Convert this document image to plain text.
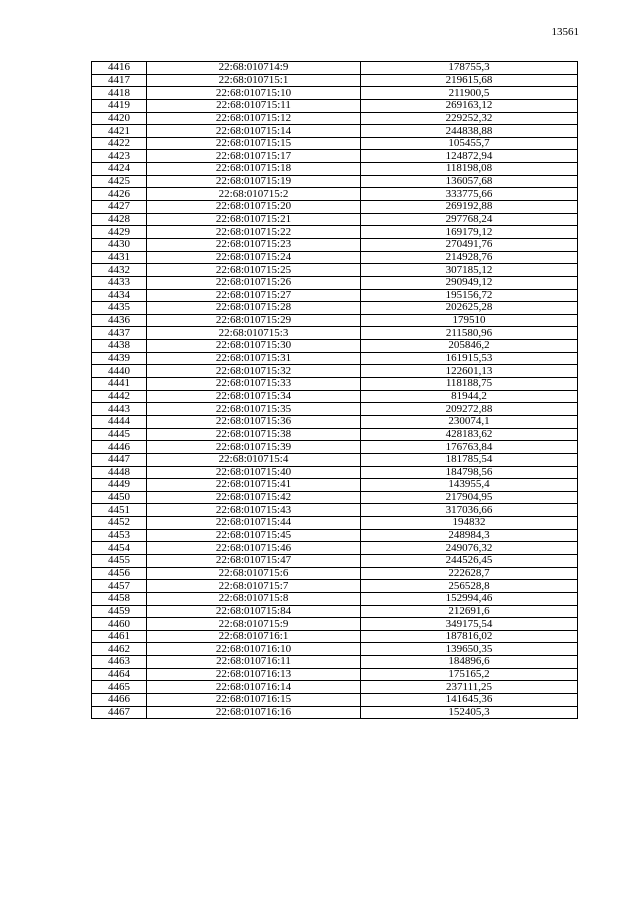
13561
4416	22:68:010714:9	178755,3
4417	22:68:010715:1	219615,68
4418	22:68:010715:10	211900,5
4419	22:68:010715:11	269163,12
4420	22:68:010715:12	229252,32
4421	22:68:010715:14	244838,88
4422	22:68:010715:15	105455,7
4423	22:68:010715:17	124872,94
4424	22:68:010715:18	118198,08
4425	22:68:010715:19	136057,68
4426	22:68:010715:2	333775,66
4427	22:68:010715:20	269192,88
4428	22:68:010715:21	297768,24
4429	22:68:010715:22	169179,12
4430	22:68:010715:23	270491,76
4431	22:68:010715:24	214928,76
4432	22:68:010715:25	307185,12
4433	22:68:010715:26	290949,12
4434	22:68:010715:27	195156,72
4435	22:68:010715:28	202625,28
4436	22:68:010715:29	179510
4437	22:68:010715:3	211580,96
4438	22:68:010715:30	205846,2
4439	22:68:010715:31	161915,53
4440	22:68:010715:32	122601,13
4441	22:68:010715:33	118188,75
4442	22:68:010715:34	81944,2
4443	22:68:010715:35	209272,88
4444	22:68:010715:36	230074,1
4445	22:68:010715:38	428183,62
4446	22:68:010715:39	176763,84
4447	22:68:010715:4	181785,54
4448	22:68:010715:40	184798,56
4449	22:68:010715:41	143955,4
4450	22:68:010715:42	217904,95
4451	22:68:010715:43	317036,66
4452	22:68:010715:44	194832
4453	22:68:010715:45	248984,3
4454	22:68:010715:46	249076,32
4455	22:68:010715:47	244526,45
4456	22:68:010715:6	222628,7
4457	22:68:010715:7	256528,8
4458	22:68:010715:8	152994,46
4459	22:68:010715:84	212691,6
4460	22:68:010715:9	349175,54
4461	22:68:010716:1	187816,02
4462	22:68:010716:10	139650,35
4463	22:68:010716:11	184896,6
4464	22:68:010716:13	175165,2
4465	22:68:010716:14	237111,25
4466	22:68:010716:15	141645,36
4467	22:68:010716:16	152405,3
